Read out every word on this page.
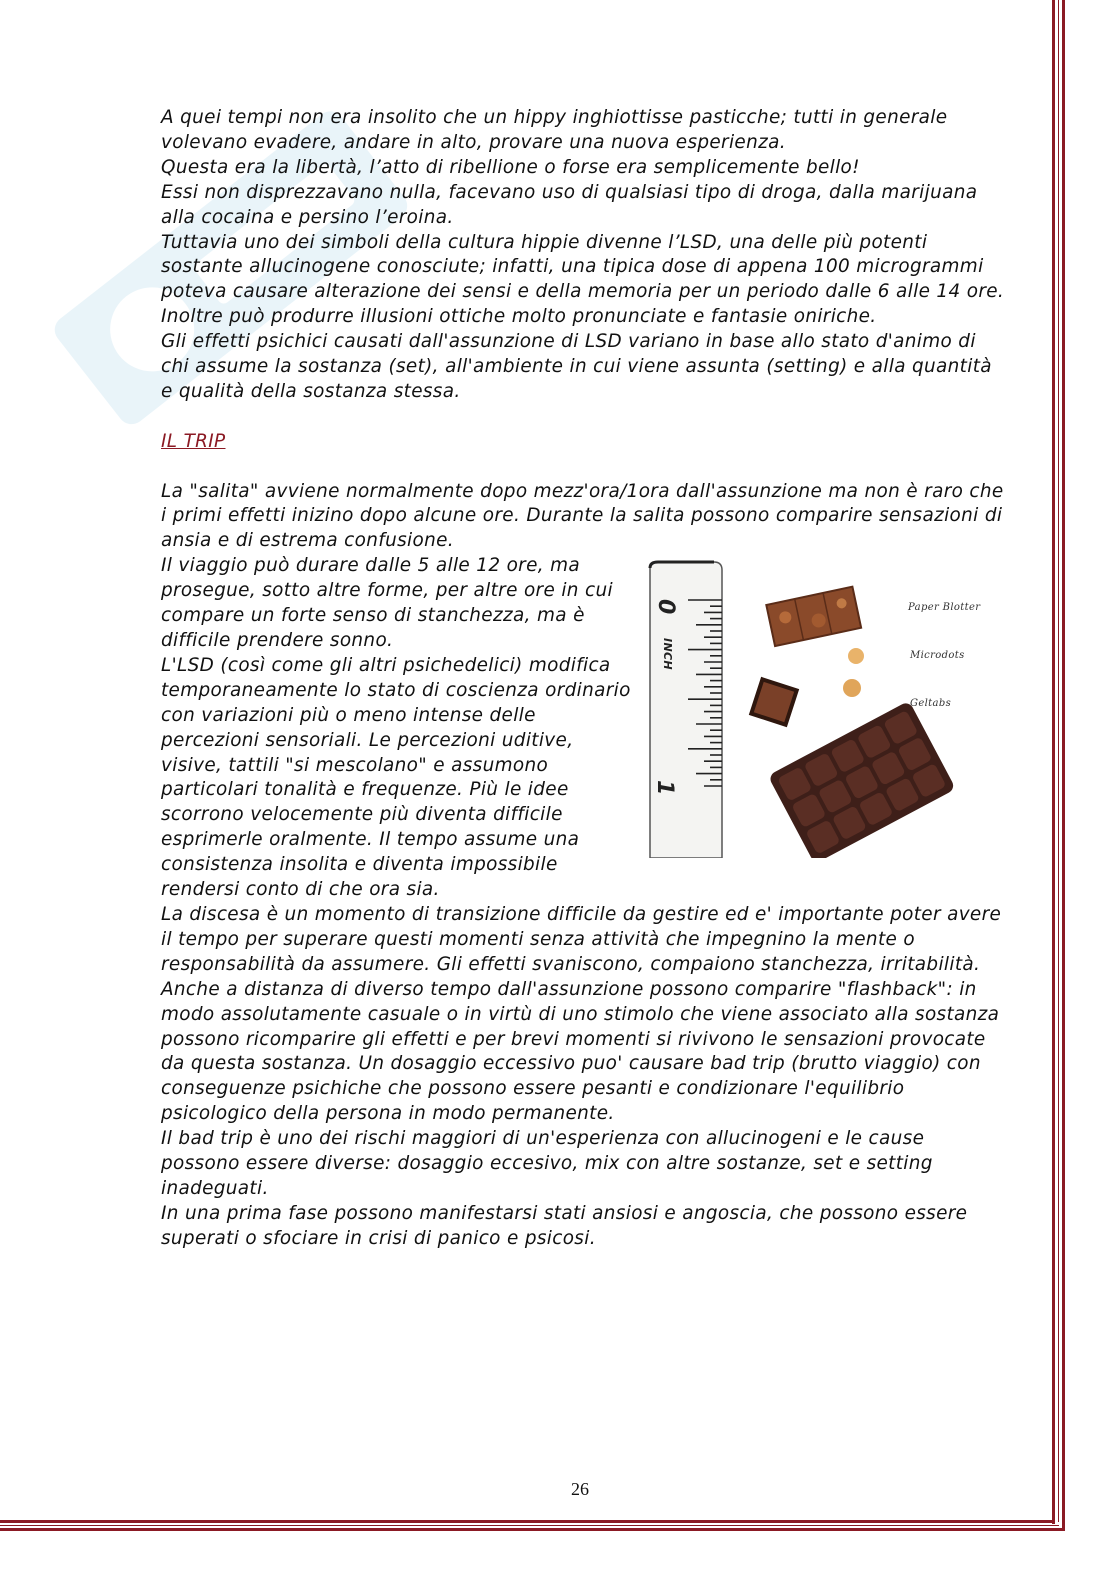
A quei tempi non era insolito che un hippy inghiottisse pasticche; tutti in generale volevano evadere, andare in alto, provare una nuova esperienza.

Questa era la libertà, l’atto di ribellione o forse era semplicemente bello!

Essi non disprezzavano nulla, facevano uso di qualsiasi tipo di droga, dalla marijuana alla cocaina e persino l’eroina.

Tuttavia uno dei simboli della cultura hippie divenne l’LSD, una delle più potenti sostante allucinogene conosciute; infatti, una tipica dose di appena 100 microgrammi poteva causare alterazione dei sensi e della memoria per un periodo dalle 6 alle 14 ore. Inoltre può produrre illusioni ottiche molto pronunciate e fantasie oniriche.

Gli effetti psichici causati dall'assunzione di LSD variano in base allo stato d'animo di chi assume la sostanza (set), all'ambiente in cui viene assunta (setting) e alla quantità e qualità della sostanza stessa.

IL TRIP

La "salita" avviene normalmente dopo mezz'ora/1ora dall'assunzione ma non è raro che i primi effetti inizino dopo alcune ore. Durante la salita possono comparire sensazioni di ansia e di estrema confusione.

0
1
INCH
Paper Blotter
Microdots
Geltabs

Il viaggio può durare dalle 5 alle 12 ore, ma prosegue, sotto altre forme, per altre ore in cui compare un forte senso di stanchezza, ma è difficile prendere sonno.

L'LSD (così come gli altri psichedelici) modifica temporaneamente lo stato di coscienza ordinario con variazioni più o meno intense delle percezioni sensoriali. Le percezioni uditive, visive, tattili "si mescolano" e assumono particolari tonalità e frequenze. Più le idee scorrono velocemente più diventa difficile esprimerle oralmente. Il tempo assume una consistenza insolita e diventa impossibile rendersi conto di che ora sia.

La discesa è un momento di transizione difficile da gestire ed e' importante poter avere il tempo per superare questi momenti senza attività che impegnino la mente o responsabilità da assumere. Gli effetti svaniscono, compaiono stanchezza, irritabilità.

Anche a distanza di diverso tempo dall'assunzione possono comparire "flashback": in modo assolutamente casuale o in virtù di uno stimolo che viene associato alla sostanza possono ricomparire gli effetti e per brevi momenti si rivivono le sensazioni provocate da questa sostanza. Un dosaggio eccessivo puo' causare bad trip (brutto viaggio) con conseguenze psichiche che possono essere pesanti e condizionare l'equilibrio psicologico della persona in modo permanente.

Il bad trip è uno dei rischi maggiori di un'esperienza con allucinogeni e le cause possono essere diverse: dosaggio eccesivo, mix con altre sostanze, set e setting inadeguati.

In una prima fase possono manifestarsi stati ansiosi e angoscia, che possono essere superati o sfociare in crisi di panico e psicosi.

26
